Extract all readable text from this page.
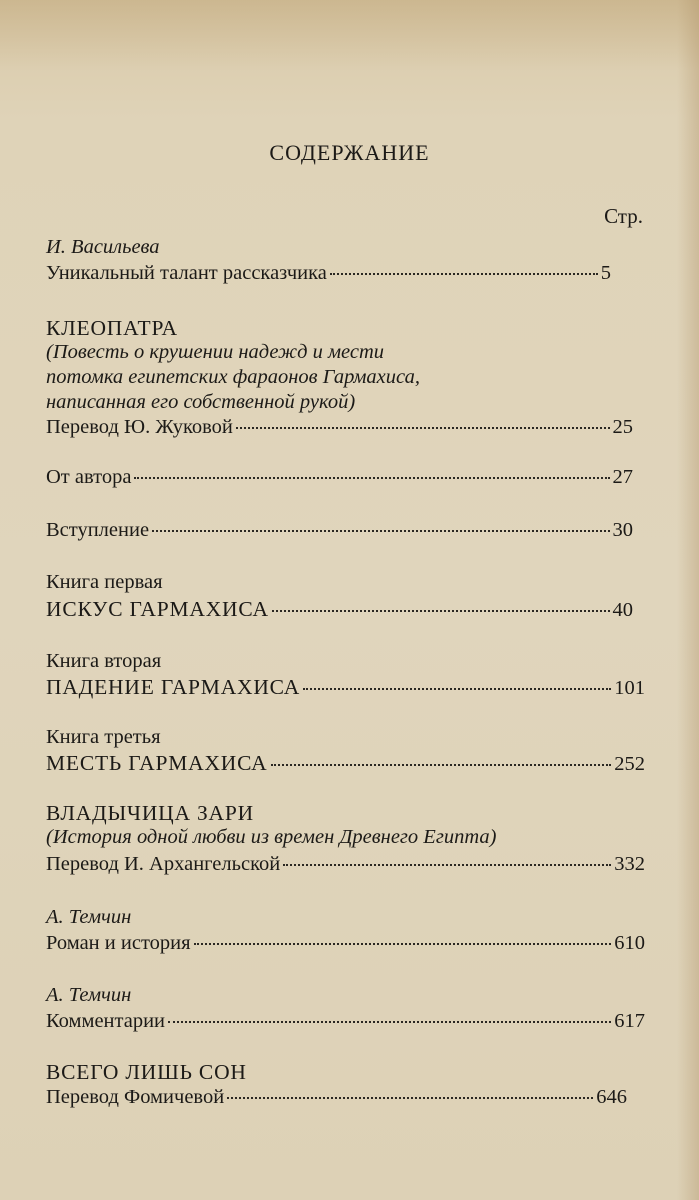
СОДЕРЖАНИЕ
Стр.
И. Васильева
Уникальный талант рассказчика	5
КЛЕОПАТРА
(Повесть о крушении надежд и мести
потомка египетских фараонов Гармахиса,
написанная его собственной рукой)
Перевод Ю. Жуковой	25
От автора	27
Вступление	30
Книга первая
ИСКУС ГАРМАХИСА	40
Книга вторая
ПАДЕНИЕ ГАРМАХИСА	101
Книга третья
МЕСТЬ ГАРМАХИСА	252
ВЛАДЫЧИЦА ЗАРИ
(История одной любви из времен Древнего Египта)
Перевод И. Архангельской	332
А. Темчин
Роман и история	610
А. Темчин
Комментарии	617
ВСЕГО ЛИШЬ СОН
Перевод Фомичевой	646
